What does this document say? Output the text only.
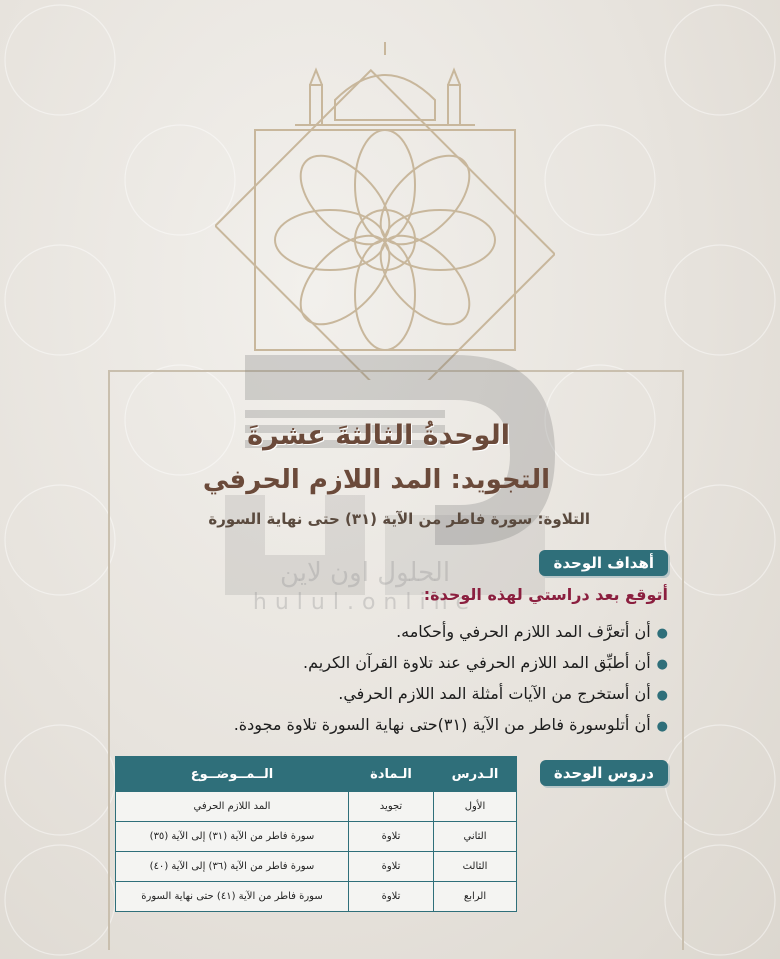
الحلول اون لاين
hulul.online
الوحدةُ الثالثةَ عشرةَ
التجويد: المد اللازم الحرفي
التلاوة: سورة فاطر من الآية (٣١) حتى نهاية السورة
أهداف الوحدة
أتوقع بعد دراستي لهذه الوحدة:
●أن أتعرَّف المد اللازم الحرفي وأحكامه.
●أن أطبِّق المد اللازم الحرفي عند تلاوة القرآن الكريم.
●أن أستخرج من الآيات أمثلة المد اللازم الحرفي.
●أن أتلوسورة فاطر من الآية (٣١)حتى نهاية السورة تلاوة مجودة.
دروس الوحدة
الـدرس	الـمادة	الــمــوضــوع
الأول	تجويد	المد اللازم الحرفي
الثاني	تلاوة	سورة فاطر من الآية (٣١) إلى الآية (٣٥)
الثالث	تلاوة	سورة فاطر من الآية (٣٦) إلى الآية (٤٠)
الرابع	تلاوة	سورة فاطر من الآية (٤١) حتى نهاية السورة
